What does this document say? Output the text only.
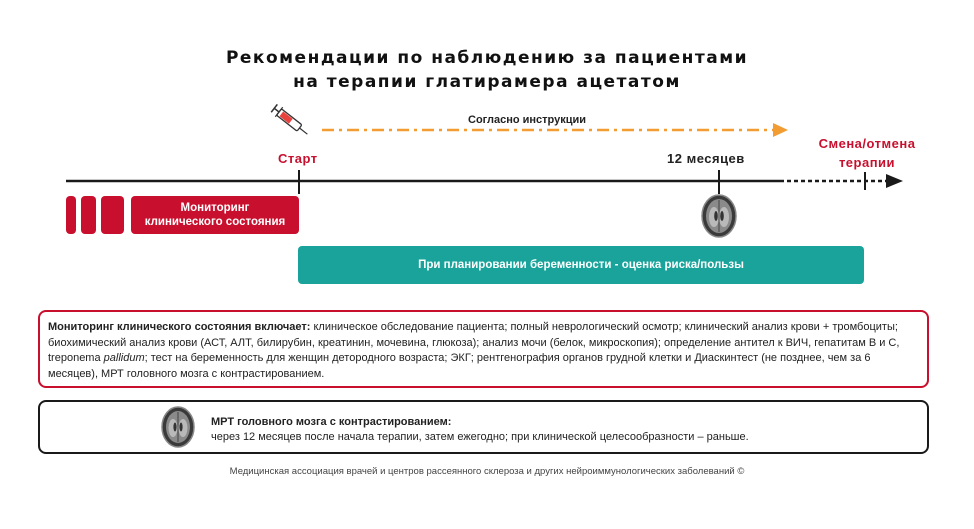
Рекомендации по наблюдению за пациентами
на терапии глатирамера ацетатом
Согласно инструкции
Старт	12 месяцев
Смена/отмена
терапии
Мониторинг
клинического состояния
При планировании беременности - оценка риска/пользы
Мониторинг клинического состояния включает: клиническое обследование пациента; полный неврологический осмотр; клинический анализ крови + тромбоциты; биохимический анализ крови (АСТ, АЛТ, билирубин, креатинин, мочевина, глюкоза); анализ мочи (белок, микроскопия); определение антител к ВИЧ, гепатитам В и С, treponema pallidum; тест на беременность для женщин детородного возраста; ЭКГ; рентгенография органов грудной клетки и Диаскинтест (не позднее, чем за 6 месяцев), МРТ головного мозга с контрастированием.
МРТ головного мозга с контрастированием:
через 12 месяцев после начала терапии, затем ежегодно; при клинической целесообразности – раньше.
Медицинская ассоциация врачей и центров рассеянного склероза и других нейроиммунологических заболеваний ©
